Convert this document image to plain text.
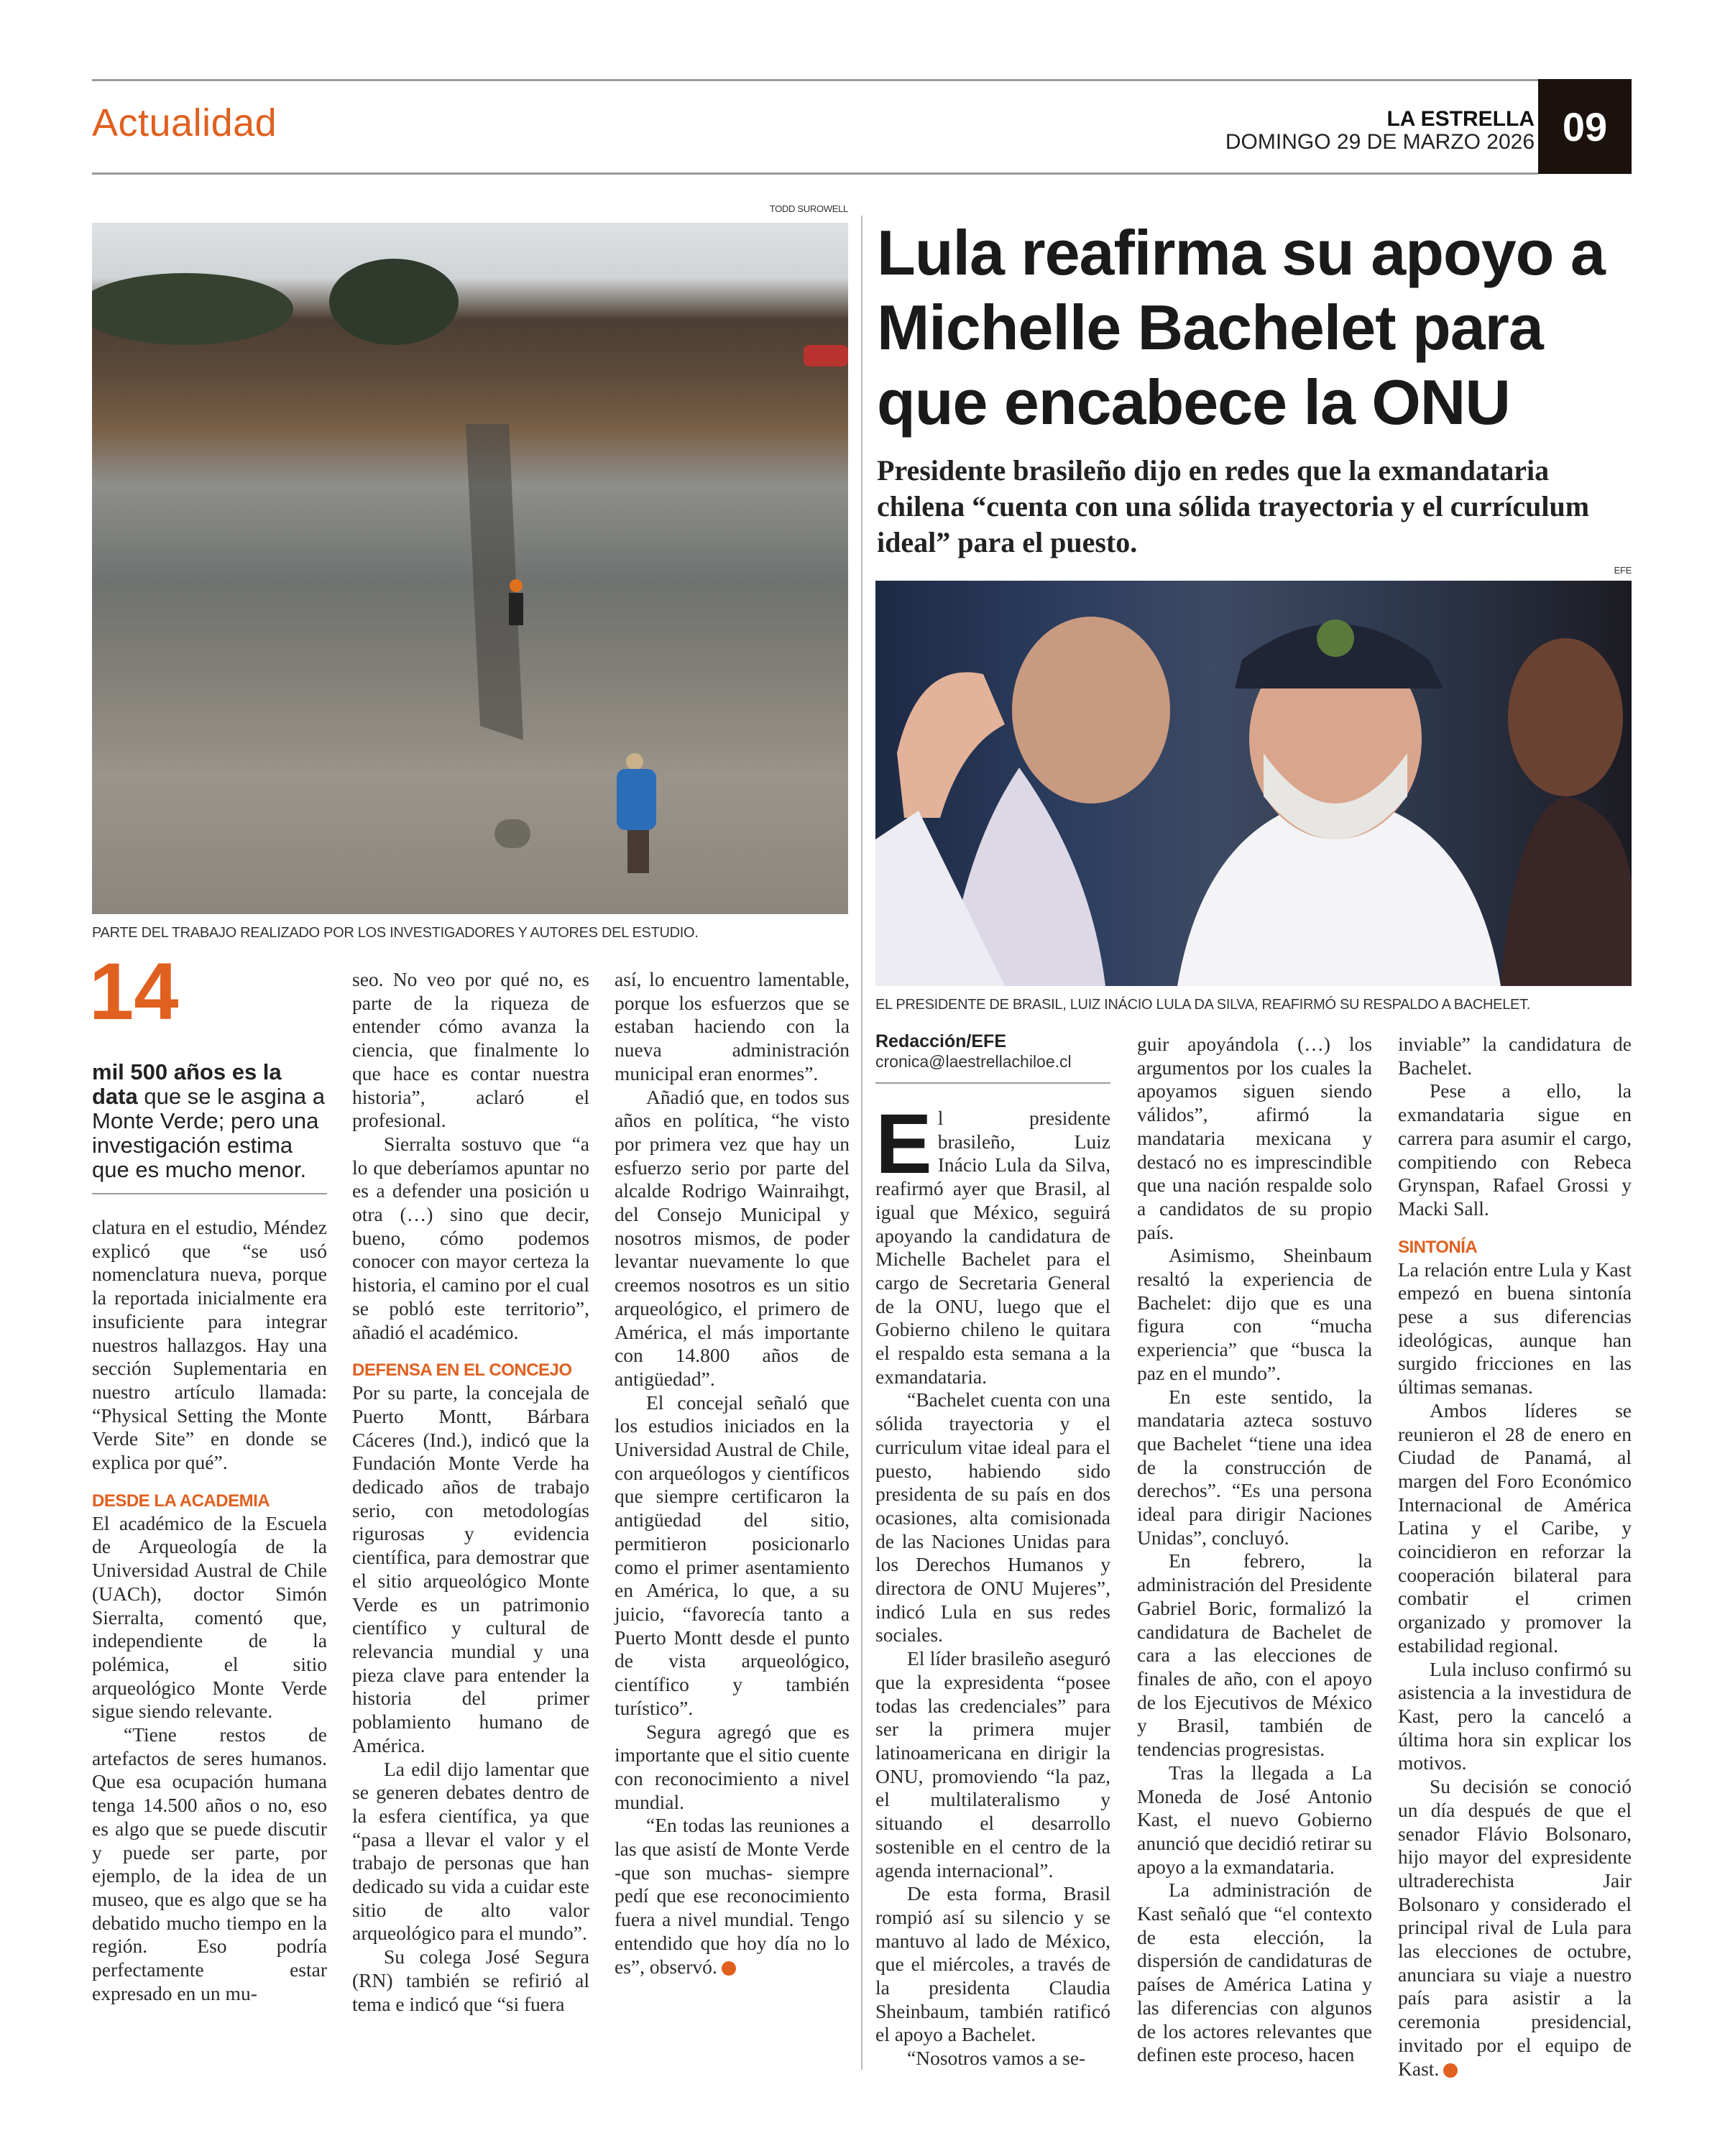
Actualidad	LA ESTRELLA
DOMINGO 29 DE MARZO 2026 09
TODD SUROWELL
PARTE DEL TRABAJO REALIZADO POR LOS INVESTIGADORES Y AUTORES DEL ESTUDIO.
14
mil 500 años es la data que se le asgina a Monte Verde; pero una investigación estima que es mucho menor.

clatura en el estudio, Méndez explicó que “se usó nomenclatura nueva, porque la reportada inicialmente era insuficiente para integrar nuestros hallazgos. Hay una sección Suplementaria en nuestro artículo llamada: “Physical Setting the Monte Verde Site” en donde se explica por qué”.

DESDE LA ACADEMIA

El académico de la Escuela de Arqueología de la Universidad Austral de Chile (UACh), doctor Simón Sierralta, comentó que, independiente de la polémica, el sitio arqueológico Monte Verde sigue siendo relevante.

“Tiene restos de artefactos de seres humanos. Que esa ocupación humana tenga 14.500 años o no, eso es algo que se puede discutir y puede ser parte, por ejemplo, de la idea de un museo, que es algo que se ha debatido mucho tiempo en la región. Eso podría perfectamente estar expresado en un mu-

seo. No veo por qué no, es parte de la riqueza de entender cómo avanza la ciencia, que finalmente lo que hace es contar nuestra historia”, aclaró el profesional.

Sierralta sostuvo que “a lo que deberíamos apuntar no es a defender una posición u otra (…) sino que decir, bueno, cómo podemos conocer con mayor certeza la historia, el camino por el cual se pobló este territorio”, añadió el académico.

DEFENSA EN EL CONCEJO

Por su parte, la concejala de Puerto Montt, Bárbara Cáceres (Ind.), indicó que la Fundación Monte Verde ha dedicado años de trabajo serio, con metodologías rigurosas y evidencia científica, para demostrar que el sitio arqueológico Monte Verde es un patrimonio científico y cultural de relevancia mundial y una pieza clave para entender la historia del primer poblamiento humano de América.

La edil dijo lamentar que se generen debates dentro de la esfera científica, ya que “pasa a llevar el valor y el trabajo de personas que han dedicado su vida a cuidar este sitio de alto valor arqueológico para el mundo”.

Su colega José Segura (RN) también se refirió al tema e indicó que “si fuera

así, lo encuentro lamentable, porque los esfuerzos que se estaban haciendo con la nueva administración municipal eran enormes”.

Añadió que, en todos sus años en política, “he visto por primera vez que hay un esfuerzo serio por parte del alcalde Rodrigo Wainraihgt, del Consejo Municipal y nosotros mismos, de poder levantar nuevamente lo que creemos nosotros es un sitio arqueológico, el primero de América, el más importante con 14.800 años de antigüedad”.

El concejal señaló que los estudios iniciados en la Universidad Austral de Chile, con arqueólogos y científicos que siempre certificaron la antigüedad del sitio, permitieron posicionarlo como el primer asentamiento en América, lo que, a su juicio, “favorecía tanto a Puerto Montt desde el punto de vista arqueológico, científico y también turístico”.

Segura agregó que es importante que el sitio cuente con reconocimiento a nivel mundial.

“En todas las reuniones a las que asistí de Monte Verde -que son muchas- siempre pedí que ese reconocimiento fuera a nivel mundial. Tengo entendido que hoy día no lo es”, observó.	✪

Lula reafirma su apoyo a Michelle Bachelet para que encabece la ONU
Presidente brasileño dijo en redes que la exmandataria chilena “cuenta con una sólida trayectoria y el currículum ideal” para el puesto.
EFE
EL PRESIDENTE DE BRASIL, LUIZ INÁCIO LULA DA SILVA, REAFIRMÓ SU RESPALDO A BACHELET.
Redacción/EFE
cronica@laestrellachiloe.cl

El presidente brasileño, Luiz Inácio Lula da Silva, reafirmó ayer que Brasil, al igual que México, seguirá apoyando la candidatura de Michelle Bachelet para el cargo de Secretaria General de la ONU, luego que el Gobierno chileno le quitara el respaldo esta semana a la exmandataria.

“Bachelet cuenta con una sólida trayectoria y el curriculum vitae ideal para el puesto, habiendo sido presidenta de su país en dos ocasiones, alta comisionada de las Naciones Unidas para los Derechos Humanos y directora de ONU Mujeres”, indicó Lula en sus redes sociales.

El líder brasileño aseguró que la expresidenta “posee todas las credenciales” para ser la primera mujer latinoamericana en dirigir la ONU, promoviendo “la paz, el multilateralismo y situando el desarrollo sostenible en el centro de la agenda internacional”.

De esta forma, Brasil rompió así su silencio y se mantuvo al lado de México, que el miércoles, a través de la presidenta Claudia Sheinbaum, también ratificó el apoyo a Bachelet.

“Nosotros vamos a se-

guir apoyándola (…) los argumentos por los cuales la apoyamos siguen siendo válidos”, afirmó la mandataria mexicana y destacó no es imprescindible que una nación respalde solo a candidatos de su propio país.

Asimismo, Sheinbaum resaltó la experiencia de Bachelet: dijo que es una figura con “mucha experiencia” que “busca la paz en el mundo”.

En este sentido, la mandataria azteca sostuvo que Bachelet “tiene una idea de la construcción de derechos”. “Es una persona ideal para dirigir Naciones Unidas”, concluyó.

En febrero, la administración del Presidente Gabriel Boric, formalizó la candidatura de Bachelet de cara a las elecciones de finales de año, con el apoyo de los Ejecutivos de México y Brasil, también de tendencias progresistas.

Tras la llegada a La Moneda de José Antonio Kast, el nuevo Gobierno anunció que decidió retirar su apoyo a la exmandataria.

La administración de Kast señaló que “el contexto de esta elección, la dispersión de candidaturas de países de América Latina y las diferencias con algunos de los actores relevantes que definen este proceso, hacen

inviable” la candidatura de Bachelet.

Pese a ello, la exmandataria sigue en carrera para asumir el cargo, compitiendo con Rebeca Grynspan, Rafael Grossi y Macki Sall.

SINTONÍA

La relación entre Lula y Kast empezó en buena sintonía pese a sus diferencias ideológicas, aunque han surgido fricciones en las últimas semanas.

Ambos líderes se reunieron el 28 de enero en Ciudad de Panamá, al margen del Foro Económico Internacional de América Latina y el Caribe, y coincidieron en reforzar la cooperación bilateral para combatir el crimen organizado y promover la estabilidad regional.

Lula incluso confirmó su asistencia a la investidura de Kast, pero la canceló a última hora sin explicar los motivos.

Su decisión se conoció un día después de que el senador Flávio Bolsonaro, hijo mayor del expresidente ultraderechista Jair Bolsonaro y considerado el principal rival de Lula para las elecciones de octubre, anunciara su viaje a nuestro país para asistir a la ceremonia presidencial, invitado por el equipo de Kast.	✪
